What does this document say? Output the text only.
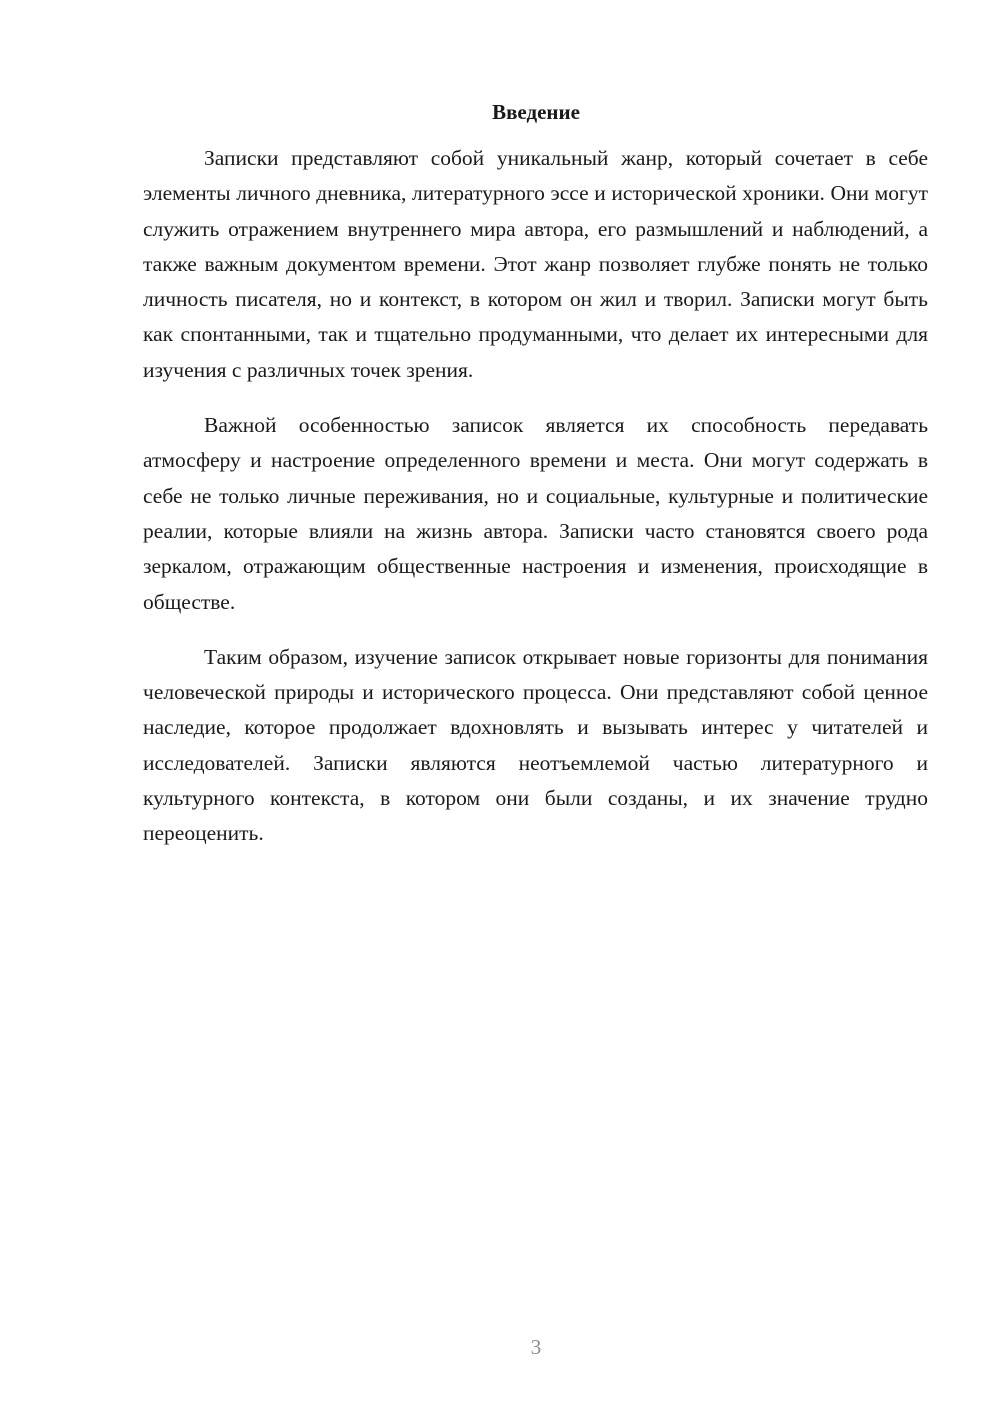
Введение

Записки представляют собой уникальный жанр, который сочетает в себе элементы личного дневника, литературного эссе и исторической хроники. Они могут служить отражением внутреннего мира автора, его размышлений и наблюдений, а также важным документом времени. Этот жанр позволяет глубже понять не только личность писателя, но и контекст, в котором он жил и творил. Записки могут быть как спонтанными, так и тщательно продуманными, что делает их интересными для изучения с различных точек зрения.

Важной особенностью записок является их способность передавать атмосферу и настроение определенного времени и места. Они могут содержать в себе не только личные переживания, но и социальные, культурные и политические реалии, которые влияли на жизнь автора. Записки часто становятся своего рода зеркалом, отражающим общественные настроения и изменения, происходящие в обществе.

Таким образом, изучение записок открывает новые горизонты для понимания человеческой природы и исторического процесса. Они представляют собой ценное наследие, которое продолжает вдохновлять и вызывать интерес у читателей и исследователей. Записки являются неотъемлемой частью литературного и культурного контекста, в котором они были созданы, и их значение трудно переоценить.

3
